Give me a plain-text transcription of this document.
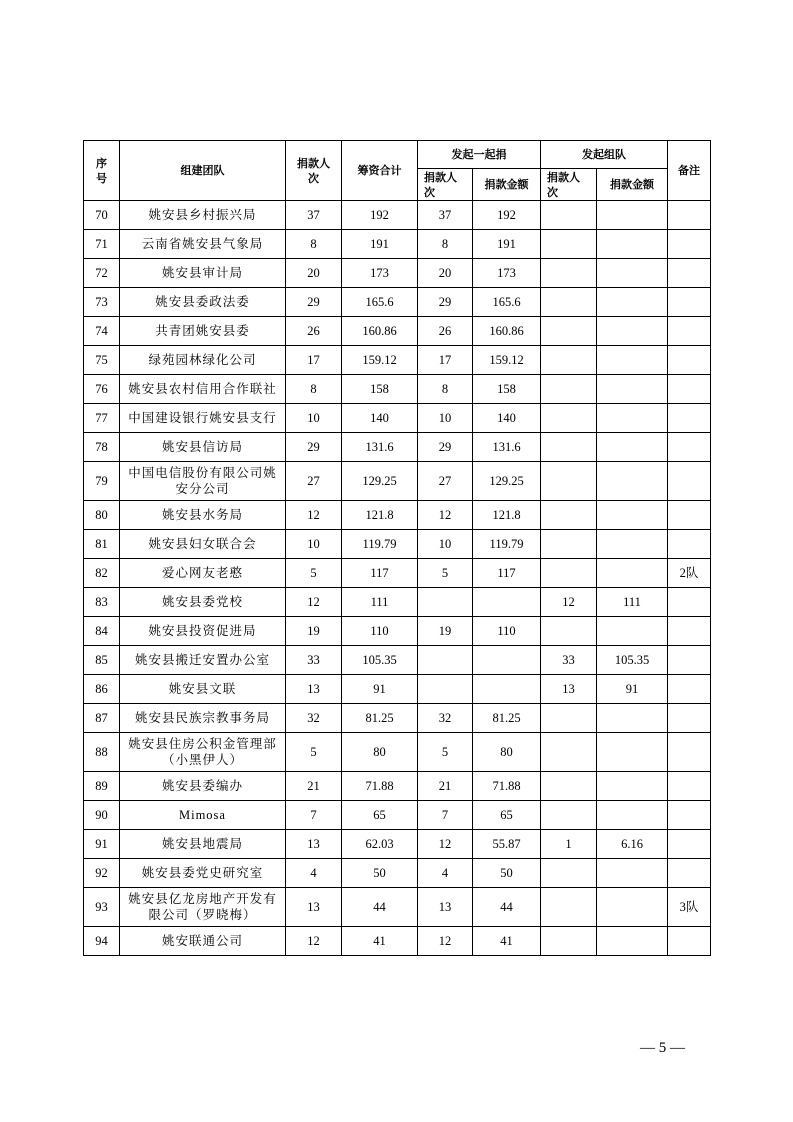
序号	组建团队	捐款人次	筹资合计	发起一起捐		发起组队		备注
				捐款人次	捐款金额	捐款人次	捐款金额	
70	姚安县乡村振兴局	37	192	37	192			
71	云南省姚安县气象局	8	191	8	191			
72	姚安县审计局	20	173	20	173			
73	姚安县委政法委	29	165.6	29	165.6			
74	共青团姚安县委	26	160.86	26	160.86			
75	绿苑园林绿化公司	17	159.12	17	159.12			
76	姚安县农村信用合作联社	8	158	8	158			
77	中国建设银行姚安县支行	10	140	10	140			
78	姚安县信访局	29	131.6	29	131.6			
79	中国电信股份有限公司姚安分公司	27	129.25	27	129.25			
80	姚安县水务局	12	121.8	12	121.8			
81	姚安县妇女联合会	10	119.79	10	119.79			
82	爱心网友老憨	5	117	5	117			2队
83	姚安县委党校	12	111			12	111	
84	姚安县投资促进局	19	110	19	110			
85	姚安县搬迁安置办公室	33	105.35			33	105.35	
86	姚安县文联	13	91			13	91	
87	姚安县民族宗教事务局	32	81.25	32	81.25			
88	姚安县住房公积金管理部（小黑伊人）	5	80	5	80			
89	姚安县委编办	21	71.88	21	71.88			
90	Mimosa	7	65	7	65			
91	姚安县地震局	13	62.03	12	55.87	1	6.16	
92	姚安县委党史研究室	4	50	4	50			
93	姚安县亿龙房地产开发有限公司（罗晓梅）	13	44	13	44			3队
94	姚安联通公司	12	41	12	41			
— 5 —
